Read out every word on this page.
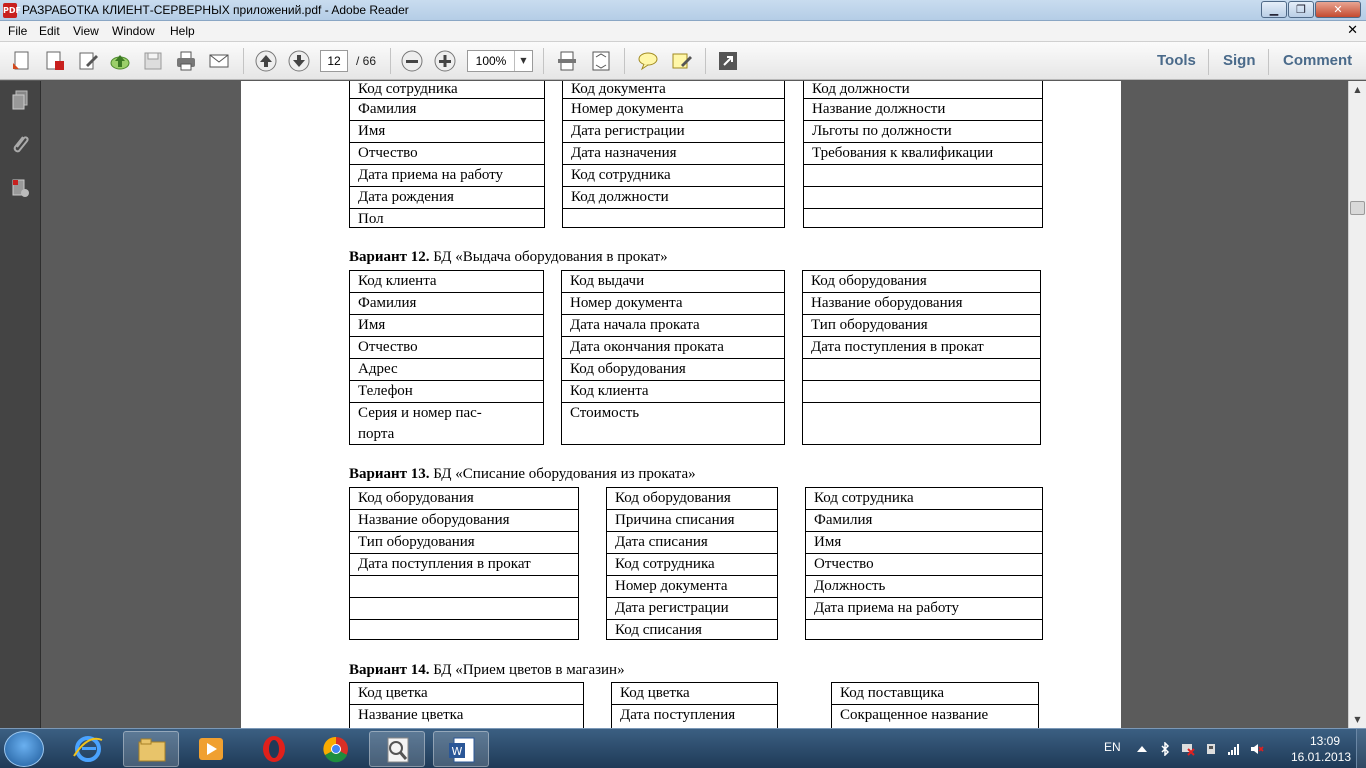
PDF РАЗРАБОТКА КЛИЕНТ-СЕРВЕРНЫХ приложений.pdf - Adobe Reader	▁	❐	✕
File Edit View Window Help	✕
12
/ 66
100%	▼	Tools Sign Comment
Код сотрудника
Фамилия
Имя
Отчество
Дата приема на работу
Дата рождения
Пол
Код документа
Номер документа
Дата регистрации
Дата назначения
Код сотрудника
Код должности
Код должности
Название должности
Льготы по должности
Требования к квалификации
Вариант 12. БД «Выдача оборудования в прокат»
Код клиента
Фамилия
Имя
Отчество
Адрес
Телефон
Серия и номер пас-порта
Код выдачи
Номер документа
Дата начала проката
Дата окончания проката
Код оборудования
Код клиента
Стоимость
Код оборудования
Название оборудования
Тип оборудования
Дата поступления в прокат
Вариант 13. БД «Списание оборудования из проката»
Код оборудования
Название оборудования
Тип оборудования
Дата поступления в прокат
Код оборудования
Причина списания
Дата списания
Код сотрудника
Номер документа
Дата регистрации
Код списания
Код сотрудника
Фамилия
Имя
Отчество
Должность
Дата приема на работу
Вариант 14. БД «Прием цветов в магазин»
Код цветка
Название цветка
Код цветка
Дата поступления
Код поставщика
Сокращенное название
▲
▼
W	EN	13:09
16.01.2013
